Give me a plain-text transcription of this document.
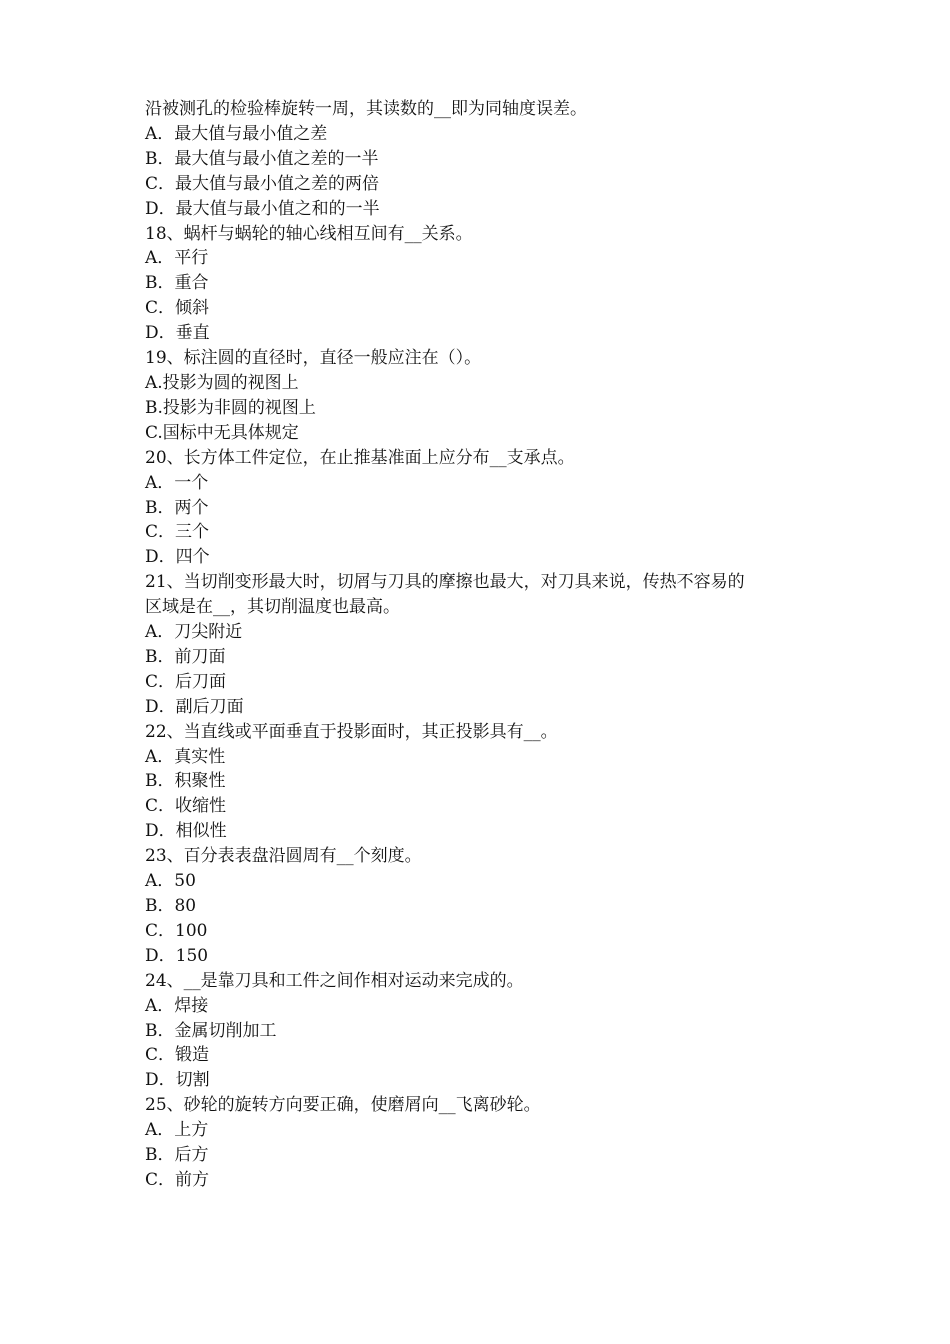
沿被测孔的检验棒旋转一周，其读数的__即为同轴度误差。
A．最大值与最小值之差
B．最大值与最小值之差的一半
C．最大值与最小值之差的两倍
D．最大值与最小值之和的一半
18、蜗杆与蜗轮的轴心线相互间有__关系。
A．平行
B．重合
C．倾斜
D．垂直
19、标注圆的直径时，直径一般应注在（）。
A.投影为圆的视图上
B.投影为非圆的视图上
C.国标中无具体规定
20、长方体工件定位，在止推基准面上应分布__支承点。
A．一个
B．两个
C．三个
D．四个
21、当切削变形最大时，切屑与刀具的摩擦也最大，对刀具来说，传热不容易的
区域是在__，其切削温度也最高。
A．刀尖附近
B．前刀面
C．后刀面
D．副后刀面
22、当直线或平面垂直于投影面时，其正投影具有__。
A．真实性
B．积聚性
C．收缩性
D．相似性
23、百分表表盘沿圆周有__个刻度。
A．50
B．80
C．100
D．150
24、__是靠刀具和工件之间作相对运动来完成的。
A．焊接
B．金属切削加工
C．锻造
D．切割
25、砂轮的旋转方向要正确，使磨屑向__飞离砂轮。
A．上方
B．后方
C．前方
